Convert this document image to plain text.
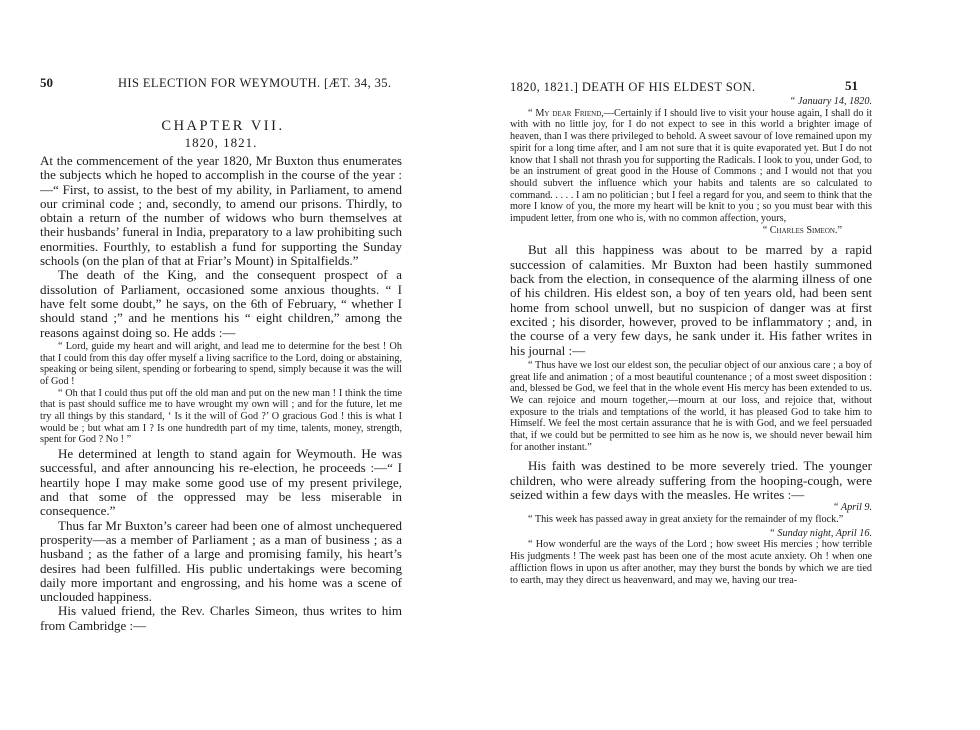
50	HIS ELECTION FOR WEYMOUTH. [ÆT. 34, 35.
CHAPTER VII.
1820, 1821.

At the commencement of the year 1820, Mr Buxton thus enumerates the subjects which he hoped to accomplish in the course of the year :—“ First, to assist, to the best of my ability, in Parliament, to amend our criminal code ; and, secondly, to amend our prisons. Thirdly, to obtain a return of the number of widows who burn themselves at their husbands’ funeral in India, preparatory to a law prohibiting such enormities. Fourthly, to establish a fund for supporting the Sunday schools (on the plan of that at Friar’s Mount) in Spitalfields.”

The death of the King, and the consequent prospect of a dissolution of Parliament, occasioned some anxious thoughts. “ I have felt some doubt,” he says, on the 6th of February, “ whether I should stand ;” and he mentions his “ eight children,” among the reasons against doing so. He adds :—

“ Lord, guide my heart and will aright, and lead me to determine for the best ! Oh that I could from this day offer myself a living sacrifice to the Lord, doing or abstaining, speaking or being silent, spending or forbearing to spend, simply because it was the will of God !

“ Oh that I could thus put off the old man and put on the new man ! I think the time that is past should suffice me to have wrought my own will ; and for the future, let me try all things by this standard, ‘ Is it the will of God ?’ O gracious God ! this is what I would be ; but what am I ? Is one hundredth part of my time, talents, money, strength, spent for God ? No ! ”

He determined at length to stand again for Weymouth. He was successful, and after announcing his re-election, he proceeds :—“ I heartily hope I may make some good use of my present privilege, and that some of the oppressed may be less miserable in consequence.”

Thus far Mr Buxton’s career had been one of almost unchequered prosperity—as a member of Parliament ; as a man of business ; as a husband ; as the father of a large and promising family, his heart’s desires had been fulfilled. His public undertakings were becoming daily more important and engrossing, and his home was a scene of unclouded happiness.

His valued friend, the Rev. Charles Simeon, thus writes to him from Cambridge :—

1820, 1821.] DEATH OF HIS ELDEST SON.	51

“ January 14, 1820.

“ My dear Friend,—Certainly if I should live to visit your house again, I shall do it with with no little joy, for I do not expect to see in this world a brighter image of heaven, than I was there privileged to behold. A sweet savour of love remained upon my spirit for a long time after, and I am not sure that it is quite evaporated yet. But I do not know that I shall not thrash you for supporting the Radicals. I look to you, under God, to be an instrument of great good in the House of Commons ; and I would not that you should subvert the influence which your habits and talents are so calculated to command. . . . . I am no politician ; but I feel a regard for you, and seem to think that the more I know of you, the more my heart will be knit to you ; so you must bear with this impudent letter, from one who is, with no common affection, yours,

“ Charles Simeon.”

But all this happiness was about to be marred by a rapid succession of calamities. Mr Buxton had been hastily summoned back from the election, in consequence of the alarming illness of one of his children. His eldest son, a boy of ten years old, had been sent home from school unwell, but no suspicion of danger was at first excited ; his disorder, however, proved to be inflammatory ; and, in the course of a very few days, he sank under it. His father writes in his journal :—

“ Thus have we lost our eldest son, the peculiar object of our anxious care ; a boy of great life and animation ; of a most beautiful countenance ; of a most sweet disposition : and, blessed be God, we feel that in the whole event His mercy has been extended to us. We can rejoice and mourn together,—mourn at our loss, and rejoice that, without exposure to the trials and temptations of the world, it has pleased God to take him to Himself. We feel the most certain assurance that he is with God, and we feel persuaded that, if we could but be permitted to see him as he now is, we should never bewail him for another instant.”

His faith was destined to be more severely tried. The younger children, who were already suffering from the hooping-cough, were seized within a few days with the measles. He writes :—

“ April 9.

“ This week has passed away in great anxiety for the remainder of my flock.”

“ Sunday night, April 16.

“ How wonderful are the ways of the Lord ; how sweet His mercies ; how terrible His judgments ! The week past has been one of the most acute anxiety. Oh ! when one affliction flows in upon us after another, may they burst the bonds by which we are tied to earth, may they direct us heavenward, and may we, having our trea-
